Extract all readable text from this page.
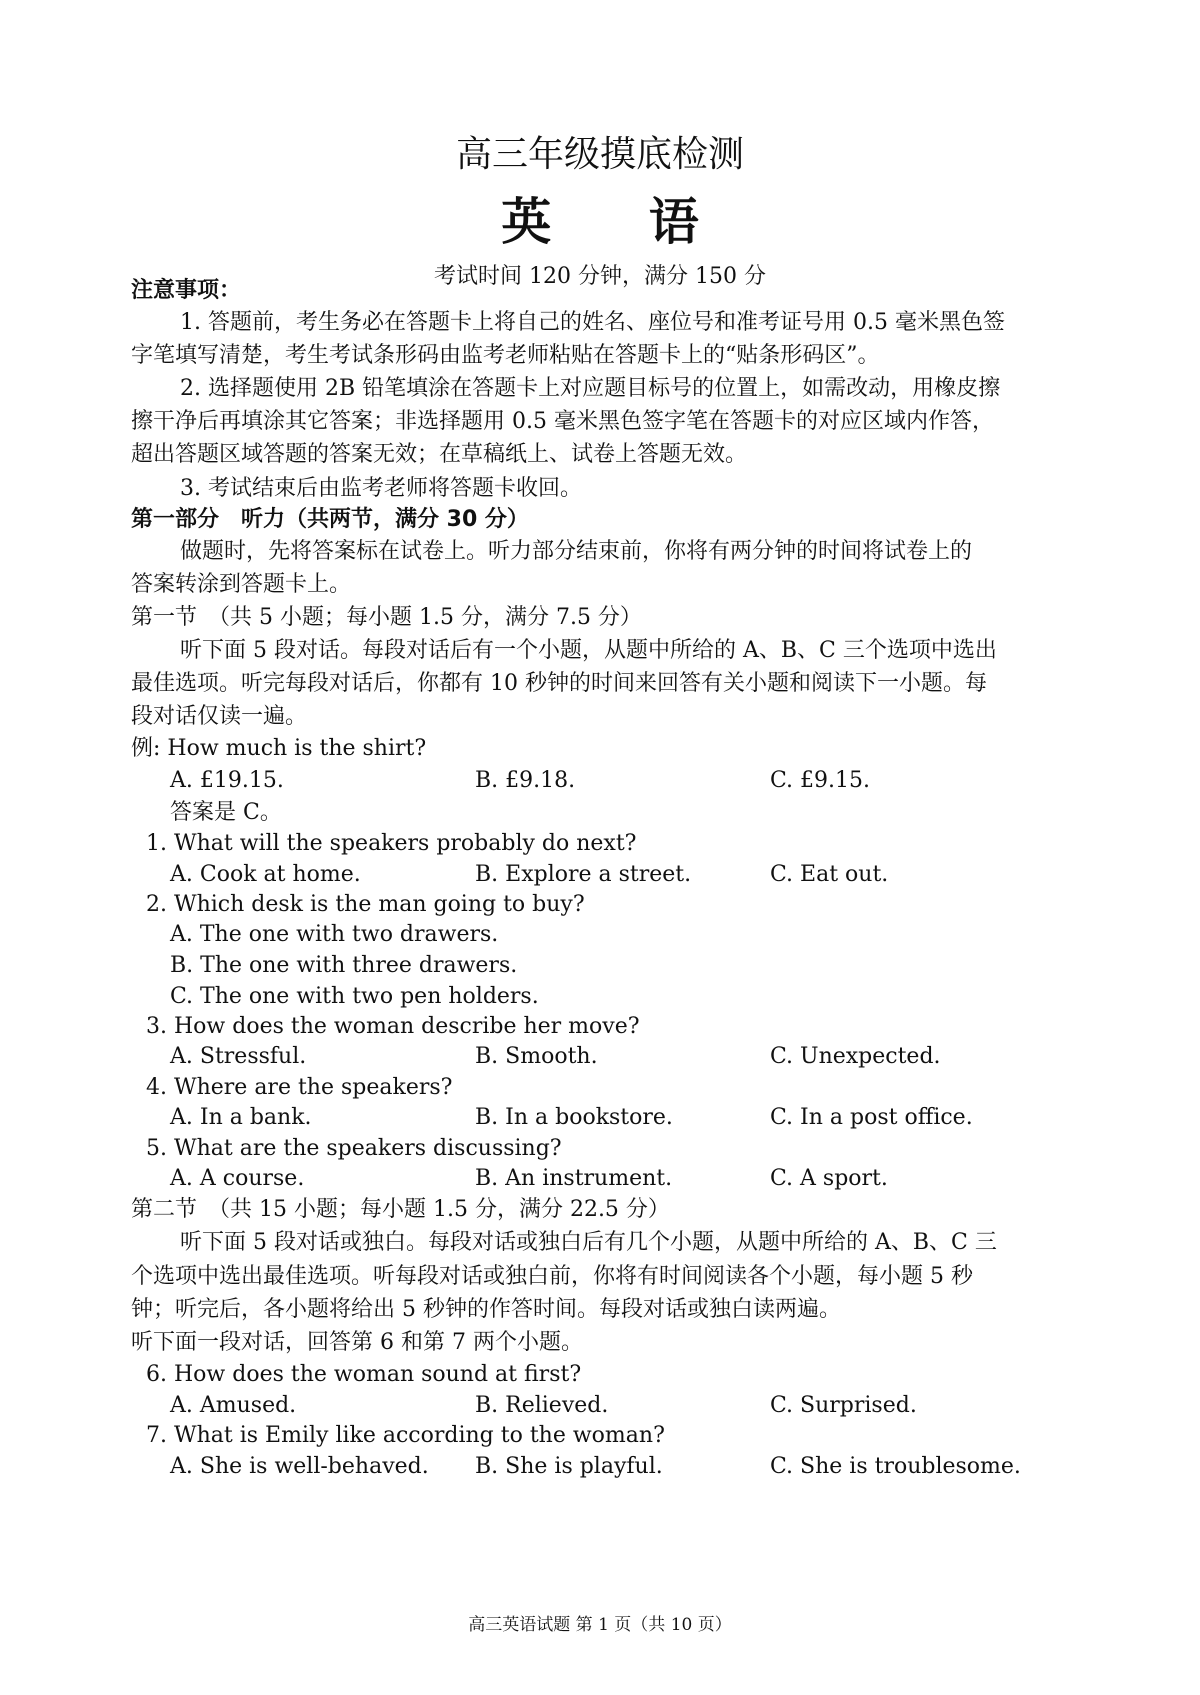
高三年级摸底检测
英 语
考试时间 120 分钟，满分 150 分
注意事项：
1. 答题前，考生务必在答题卡上将自己的姓名、座位号和准考证号用 0.5 毫米黑色签
字笔填写清楚，考生考试条形码由监考老师粘贴在答题卡上的“贴条形码区”。
2. 选择题使用 2B 铅笔填涂在答题卡上对应题目标号的位置上，如需改动，用橡皮擦
擦干净后再填涂其它答案；非选择题用 0.5 毫米黑色签字笔在答题卡的对应区域内作答，
超出答题区域答题的答案无效；在草稿纸上、试卷上答题无效。
3. 考试结束后由监考老师将答题卡收回。
第一部分　听力（共两节，满分 30 分）
做题时，先将答案标在试卷上。听力部分结束前，你将有两分钟的时间将试卷上的
答案转涂到答题卡上。
第一节　（共 5 小题；每小题 1.5 分，满分 7.5 分）
听下面 5 段对话。每段对话后有一个小题，从题中所给的 A、B、C 三个选项中选出
最佳选项。听完每段对话后，你都有 10 秒钟的时间来回答有关小题和阅读下一小题。每
段对话仅读一遍。
例: How much is the shirt?
A. £19.15.	B. £9.18.	C. £9.15.
答案是 C。
1. What will the speakers probably do next?
A. Cook at home.	B. Explore a street.	C. Eat out.
2. Which desk is the man going to buy?
A. The one with two drawers.
B. The one with three drawers.
C. The one with two pen holders.
3. How does the woman describe her move?
A. Stressful.	B. Smooth.	C. Unexpected.
4. Where are the speakers?
A. In a bank.	B. In a bookstore.	C. In a post office.
5. What are the speakers discussing?
A. A course.	B. An instrument.	C. A sport.
第二节　（共 15 小题；每小题 1.5 分，满分 22.5 分）
听下面 5 段对话或独白。每段对话或独白后有几个小题，从题中所给的 A、B、C 三
个选项中选出最佳选项。听每段对话或独白前，你将有时间阅读各个小题，每小题 5 秒
钟；听完后，各小题将给出 5 秒钟的作答时间。每段对话或独白读两遍。
听下面一段对话，回答第 6 和第 7 两个小题。
6. How does the woman sound at first?
A. Amused.	B. Relieved.	C. Surprised.
7. What is Emily like according to the woman?
A. She is well-behaved. B. She is playful.	C. She is troublesome.
高三英语试题 第 1 页（共 10 页）
